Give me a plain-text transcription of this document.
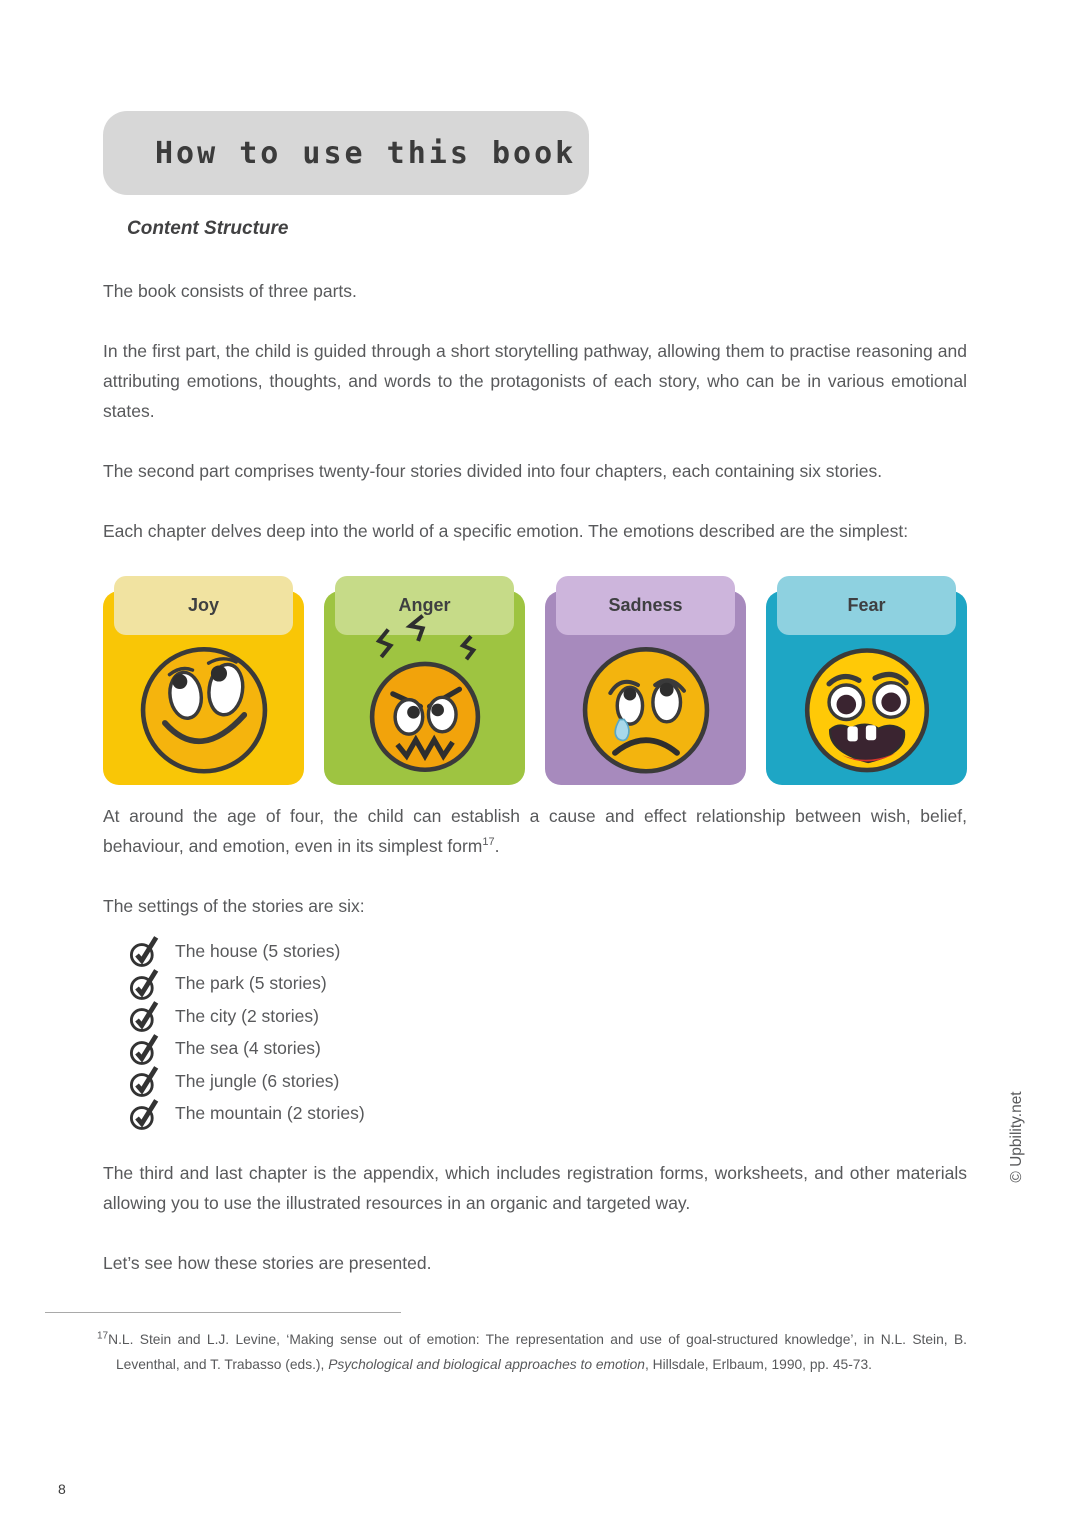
How to use this book

Content Structure

The book consists of three parts.

In the first part, the child is guided through a short storytelling pathway, allowing them to practise reasoning and attributing emotions, thoughts, and words to the protagonists of each story, who can be in various emotional states.

The second part comprises twenty-four stories divided into four chapters, each containing six stories.

Each chapter delves deep into the world of a specific emotion. The emotions described are the simplest:

Joy	Anger	Sadness	Fear

At around the age of four, the child can establish a cause and effect relationship between wish, belief, behaviour, and emotion, even in its simplest form$^{17}$.

The settings of the stories are six:

The house (5 stories)
The park (5 stories)
The city (2 stories)
The sea (4 stories)
The jungle (6 stories)
The mountain (2 stories)

The third and last chapter is the appendix, which includes registration forms, worksheets, and other materials allowing you to use the illustrated resources in an organic and targeted way.

Let’s see how these stories are presented.

$^{17}$N.L. Stein and L.J. Levine, ‘Making sense out of emotion: The representation and use of goal-structured knowledge’, in N.L. Stein, B. Leventhal, and T. Trabasso (eds.), Psychological and biological approaches to emotion, Hillsdale, Erlbaum, 1990, pp. 45-73.

8
© Upbility.net
